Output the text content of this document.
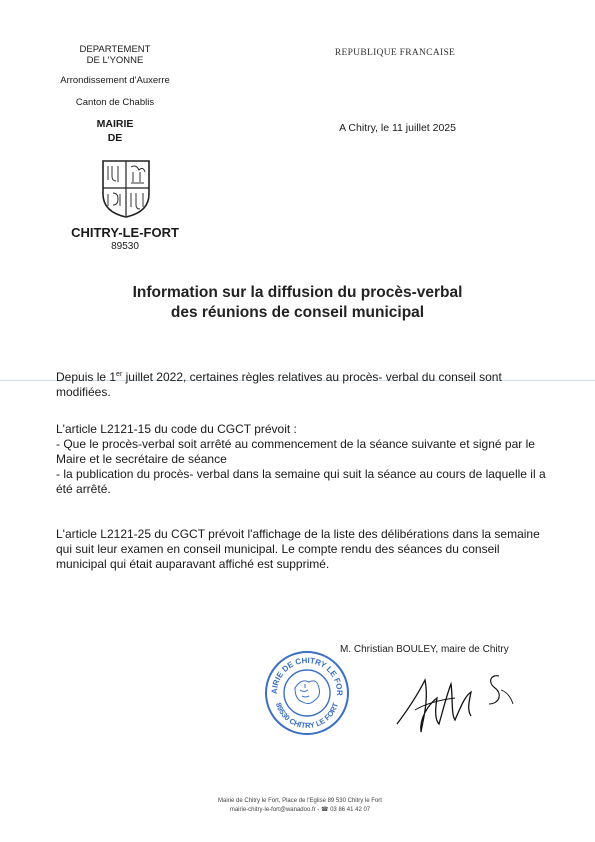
DEPARTEMENT
DE L'YONNE
Arrondissement d'Auxerre
Canton de Chablis
MAIRIE
DE
CHITRY-LE-FORT
89530
REPUBLIQUE FRANCAISE
A Chitry, le 11 juillet 2025
Information sur la diffusion du procès-verbal
des réunions de conseil municipal

Depuis le 1er juillet 2022, certaines règles relatives au procès- verbal du conseil sont modifiées.

L'article L2121-15 du code du CGCT prévoit :

- Que le procès-verbal soit arrêté au commencement de la séance suivante et signé par le Maire et le secrétaire de séance

- la publication du procès- verbal dans la semaine qui suit la séance au cours de laquelle il a été arrêté.

L'article L2121-25 du CGCT prévoit l'affichage de la liste des délibérations dans la semaine qui suit leur examen en conseil municipal. Le compte rendu des séances du conseil municipal qui était auparavant affiché est supprimé.

M. Christian BOULEY, maire de Chitry
AIRIE DE CHITRY LE FOR
89530 CHITRY LE FORT
Mairie de Chitry le Fort, Place de l'Eglise 89 530 Chitry le Fort
mairie-chitry-le-fort@wanadoo.fr - ☎ 03 86 41 42 07
